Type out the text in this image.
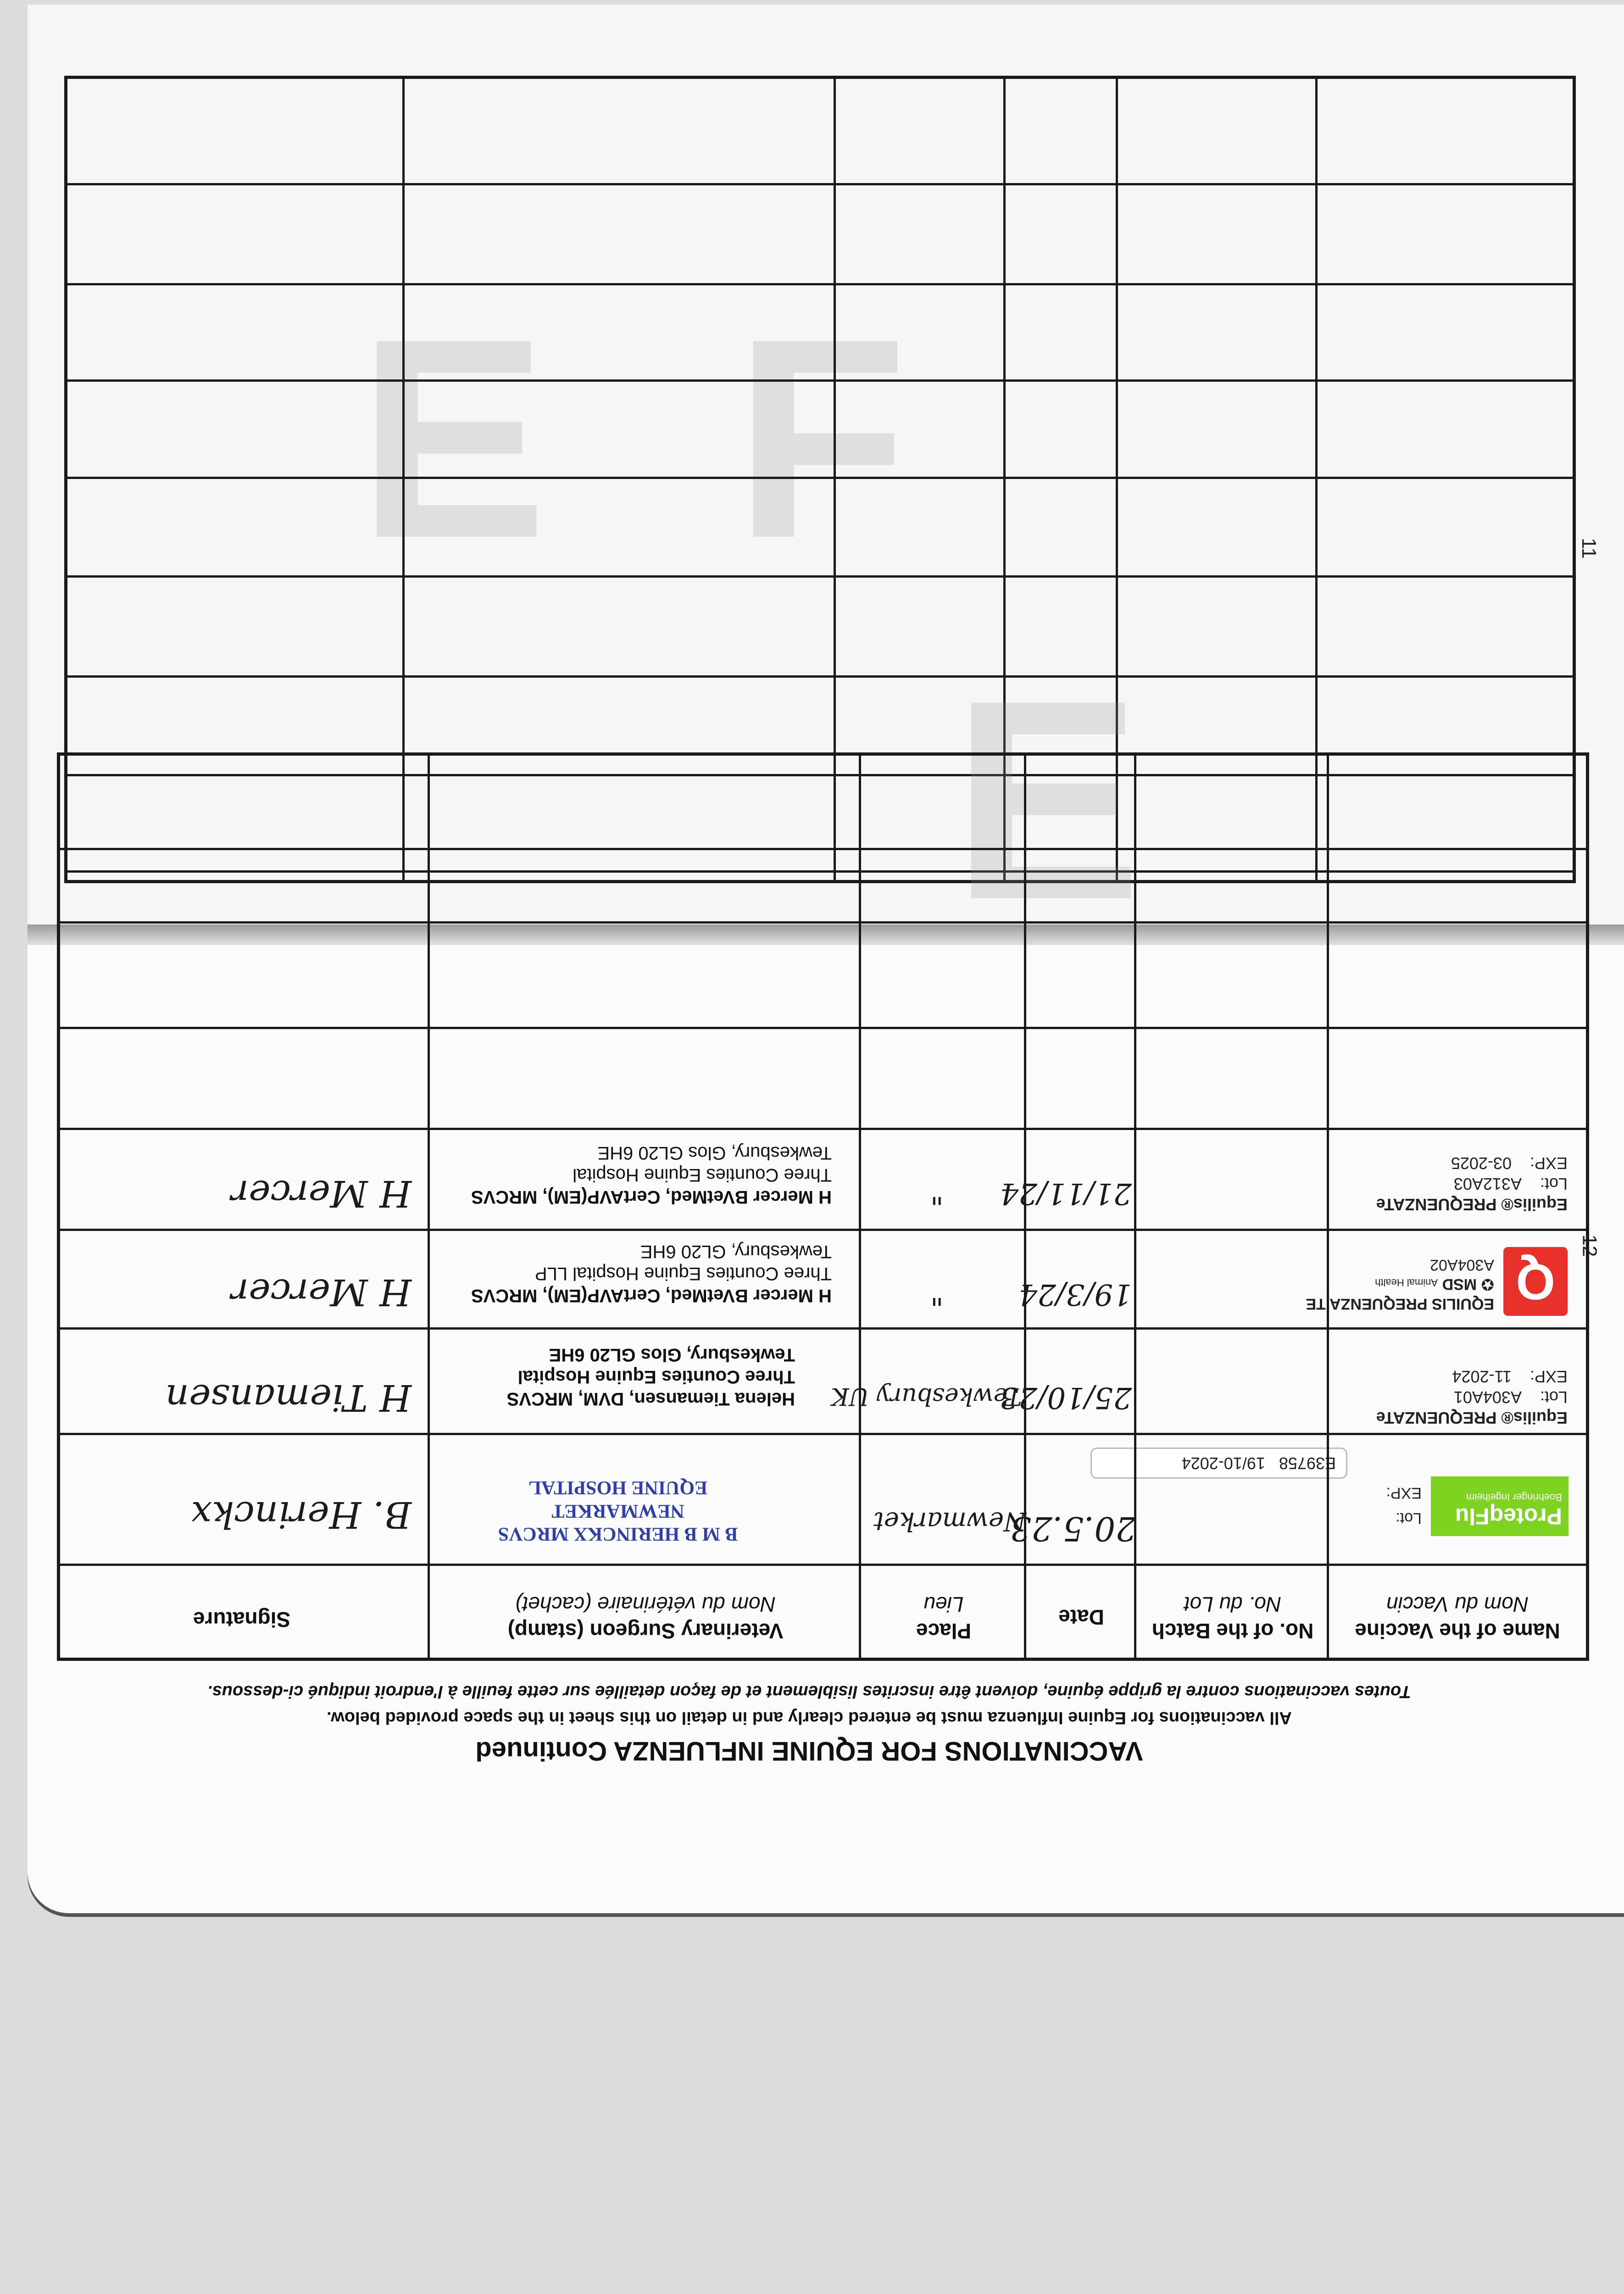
11
12
E F
E
VACCINATIONS FOR EQUINE INFLUENZA Continued
All vaccinations for Equine Influenza must be entered clearly and in detail on this sheet in the space provided below.
Toutes vaccinations contre la grippe équine, doivent être inscrites lisiblement et de façon detaillée sur cette feuille à l'endroit indiqué ci-dessous.
Name of the Vaccine
Nom du Vaccin
No. of the Batch
No. du Lot
Date
Place
Lieu
Veterinary Surgeon (stamp)
Nom du vétérinaire (cachet)
Signature
ProteqFlu
Boehringer Ingelheim
Lot:
EXP:
E39758   19/10-2024
20.5.23
Newmarket
B M B HERINCKX MRCVS
NEWMARKET
EQUINE HOSPITAL
B. Herinckx
Equilis® PREQUENZATe
Lot:    A304A01
EXP:    11-2024
25/10/23
Helena Tiemansen, DVM, MRCVS
Three Counties Equine Hospital
Tewkesbury, Glos GL20 6HE
Tewkesbury UK
H Tiemansen
Q
EQUILIS PREQUENZA TE
✪ MSD Animal Health
A304A02
19/3/24
"
H Mercer BVetMed, CertAVP(EM), MRCVS
Three Counties Equine Hospital LLP
Tewkesbury, GL20 6HE
H Mercer
Equilis® PREQUENZATe
Lot:    A312A03
EXP:    03-2025
21/11/24
"
H Mercer BVetMed, CertAVP(EM), MRCVS
Three Counties Equine Hospital
Tewkesbury, Glos GL20 6HE
H Mercer
